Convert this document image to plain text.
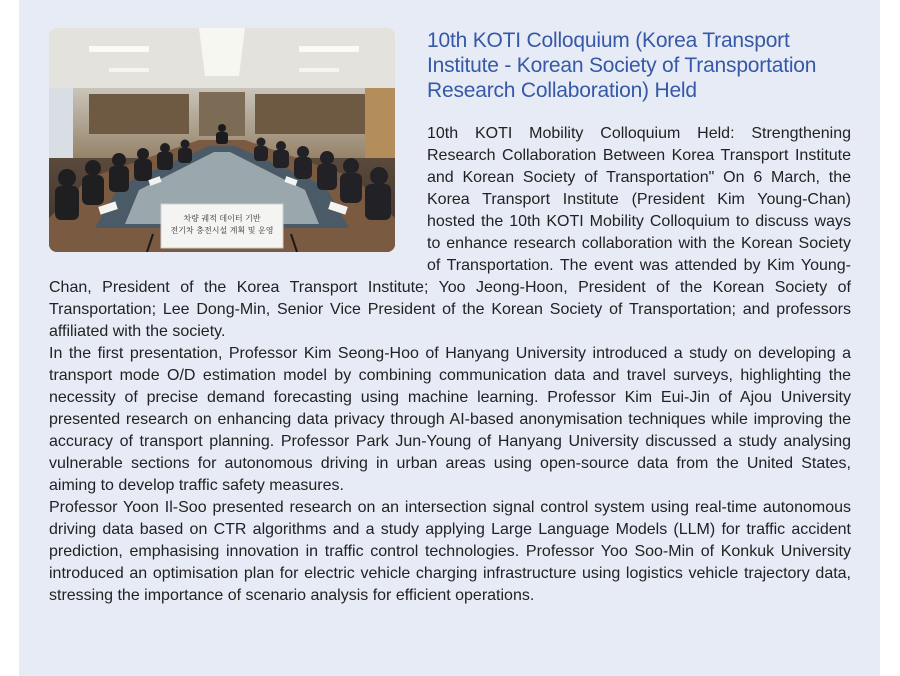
차량 궤적 데이터 기반
전기차 충전시설 계획 및 운영
10th KOTI Colloquium (Korea Transport Institute - Korean Society of Transportation Research Collaboration) Held

10th KOTI Mobility Colloquium Held: Strengthening Research Collaboration Between Korea Transport Institute and Korean Society of Transportation" On 6 March, the Korea Transport Institute (President Kim Young-Chan) hosted the 10th KOTI Mobility Colloquium to discuss ways to enhance research collaboration with the Korean Society of Transportation. The event was attended by Kim Young-Chan, President of the Korea Transport Institute; Yoo Jeong-Hoon, President of the Korean Society of Transportation; Lee Dong-Min, Senior Vice President of the Korean Society of Transportation; and professors affiliated with the society.

In the first presentation, Professor Kim Seong-Hoo of Hanyang University introduced a study on developing a transport mode O/D estimation model by combining communication data and travel surveys, highlighting the necessity of precise demand forecasting using machine learning. Professor Kim Eui-Jin of Ajou University presented research on enhancing data privacy through AI-based anonymisation techniques while improving the accuracy of transport planning. Professor Park Jun-Young of Hanyang University discussed a study analysing vulnerable sections for autonomous driving in urban areas using open-source data from the United States, aiming to develop traffic safety measures.

Professor Yoon Il-Soo presented research on an intersection signal control system using real-time autonomous driving data based on CTR algorithms and a study applying Large Language Models (LLM) for traffic accident prediction, emphasising innovation in traffic control technologies. Professor Yoo Soo-Min of Konkuk University introduced an optimisation plan for electric vehicle charging infrastructure using logistics vehicle trajectory data, stressing the importance of scenario analysis for efficient operations.
